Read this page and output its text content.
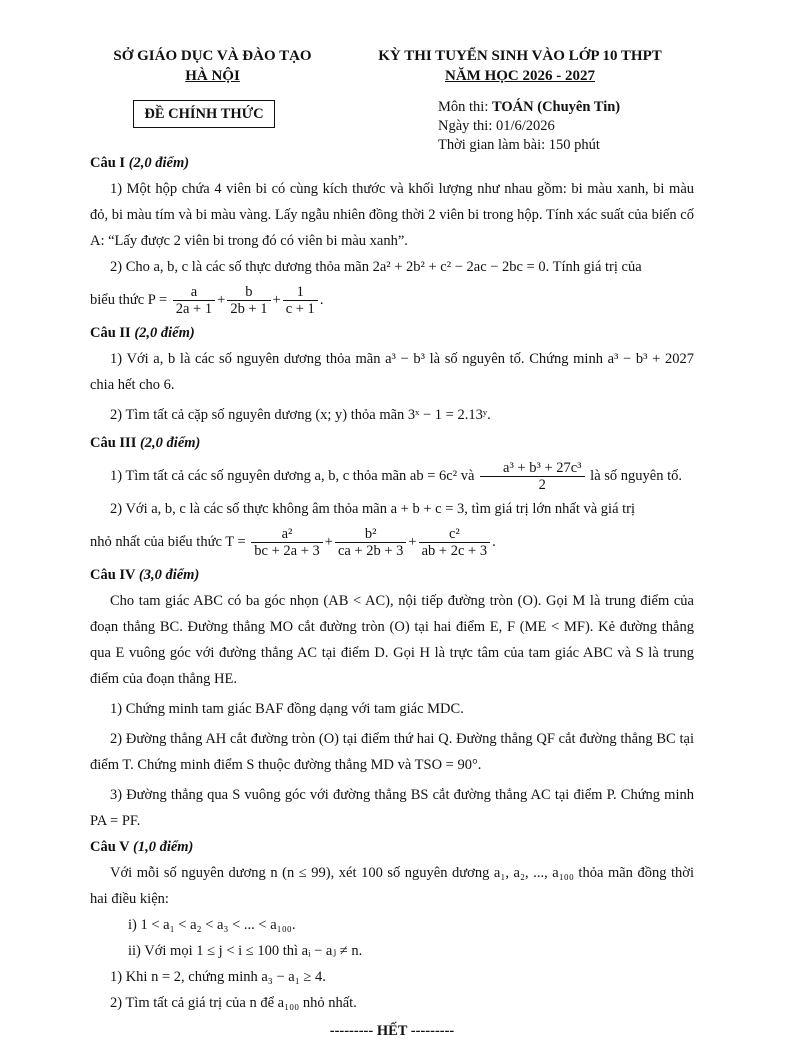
SỞ GIÁO DỤC VÀ ĐÀO TẠO
HÀ NỘI
KỲ THI TUYỂN SINH VÀO LỚP 10 THPT
NĂM HỌC 2026 - 2027
ĐỀ CHÍNH THỨC	Môn thi: TOÁN (Chuyên Tin)
Ngày thi: 01/6/2026
Thời gian làm bài: 150 phút
Câu I (2,0 điểm)

1) Một hộp chứa 4 viên bi có cùng kích thước và khối lượng như nhau gồm: bi màu xanh, bi màu đỏ, bi màu tím và bi màu vàng. Lấy ngẫu nhiên đồng thời 2 viên bi trong hộp. Tính xác suất của biến cố A: “Lấy được 2 viên bi trong đó có viên bi màu xanh”.

2) Cho a, b, c là các số thực dương thỏa mãn 2a² + 2b² + c² − 2ac − 2bc = 0. Tính giá trị của

biểu thức $P = \frac{a}{2a + 1} + \frac{b}{2b + 1} + \frac{1}{c + 1}$ .

Câu II (2,0 điểm)

1) Với a, b là các số nguyên dương thỏa mãn a³ − b³ là số nguyên tố. Chứng minh a³ − b³ + 2027 chia hết cho 6.

2) Tìm tất cả cặp số nguyên dương (x; y) thỏa mãn 3ˣ − 1 = 2.13ʸ.

Câu III (2,0 điểm)

1) Tìm tất cả các số nguyên dương a, b, c thỏa mãn ab = 6c² và $\frac{\text{a³ + b³ + 27c³}}{2}$ là số nguyên tố.

2) Với a, b, c là các số thực không âm thỏa mãn a + b + c = 3, tìm giá trị lớn nhất và giá trị

nhỏ nhất của biểu thức $T = \frac{\text{a²}}{bc + 2a + 3} + \frac{\text{b²}}{ca + 2b + 3} + \frac{\text{c²}}{ab + 2c + 3}$ .

Câu IV (3,0 điểm)

Cho tam giác ABC có ba góc nhọn (AB < AC), nội tiếp đường tròn (O). Gọi M là trung điểm của đoạn thẳng BC. Đường thẳng MO cắt đường tròn (O) tại hai điểm E, F (ME < MF). Kẻ đường thẳng qua E vuông góc với đường thẳng AC tại điểm D. Gọi H là trực tâm của tam giác ABC và S là trung điểm của đoạn thẳng HE.

1) Chứng minh tam giác BAF đồng dạng với tam giác MDC.

2) Đường thẳng AH cắt đường tròn (O) tại điểm thứ hai Q. Đường thẳng QF cắt đường thẳng BC tại điểm T. Chứng minh điểm S thuộc đường thẳng MD và TSO = 90°.

3) Đường thẳng qua S vuông góc với đường thẳng BS cắt đường thẳng AC tại điểm P. Chứng minh PA = PF.

Câu V (1,0 điểm)

Với mỗi số nguyên dương n (n ≤ 99), xét 100 số nguyên dương a₁, a₂, ..., a₁₀₀ thỏa mãn đồng thời hai điều kiện:

i) 1 < a₁ < a₂ < a₃ < ... < a₁₀₀.

ii) Với mọi 1 ≤ j < i ≤ 100 thì aᵢ − aⱼ ≠ n.

1) Khi n = 2, chứng minh a₃ − a₁ ≥ 4.

2) Tìm tất cả giá trị của n để a₁₀₀ nhỏ nhất.

--------- HẾT ---------
